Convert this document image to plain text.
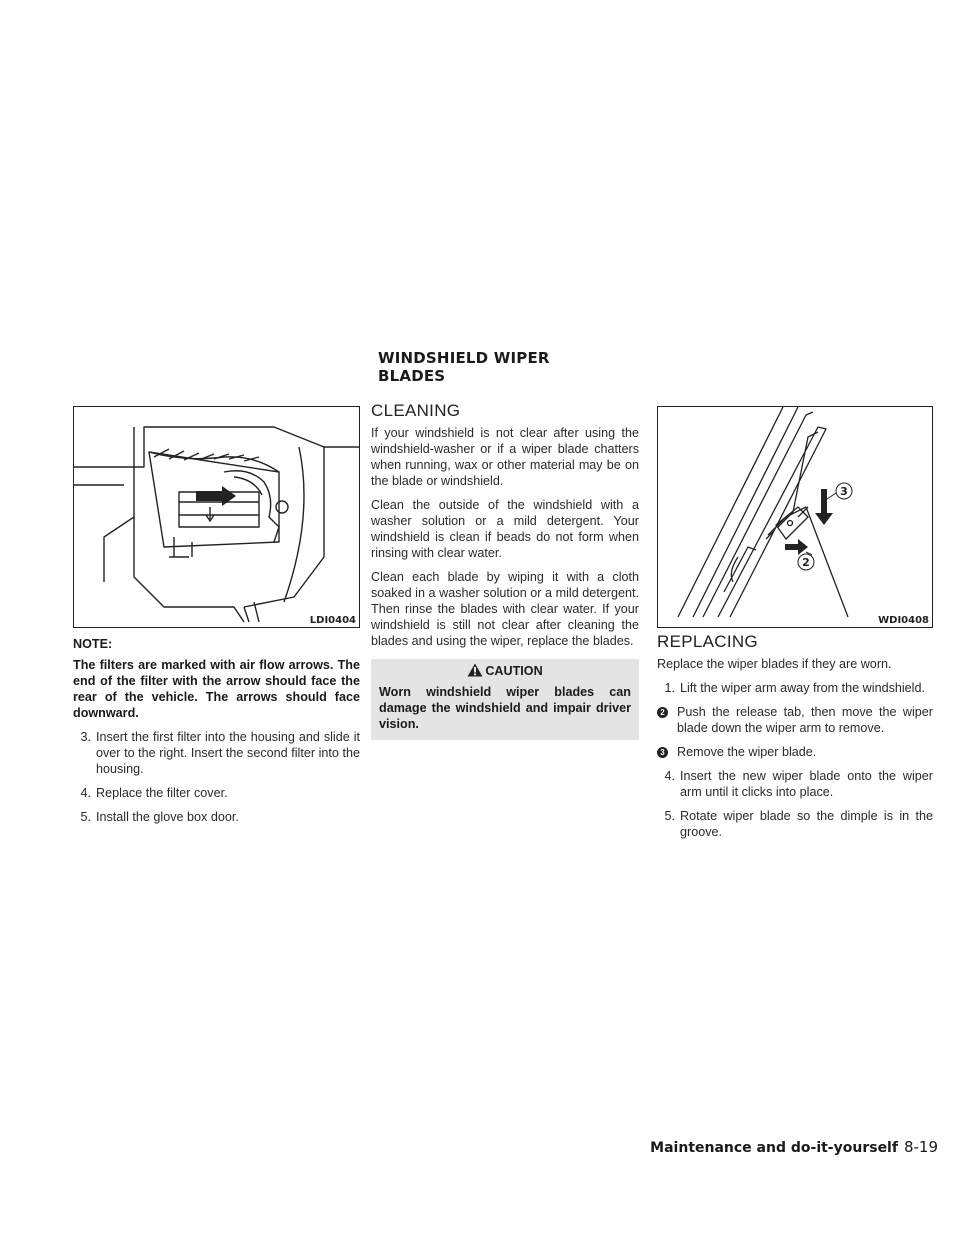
WINDSHIELD WIPER BLADES
LDI0404

NOTE:

The filters are marked with air flow arrows. The end of the filter with the arrow should face the rear of the vehicle. The arrows should face downward.

3. Insert the first filter into the housing and slide it over to the right. Insert the second filter into the housing.
4. Replace the filter cover.
5. Install the glove box door.
CLEANING

If your windshield is not clear after using the windshield-washer or if a wiper blade chatters when running, wax or other material may be on the blade or windshield.

Clean the outside of the windshield with a washer solution or a mild detergent. Your windshield is clean if beads do not form when rinsing with clear water.

Clean each blade by wiping it with a cloth soaked in a washer solution or a mild detergent. Then rinse the blades with clear water. If your windshield is still not clear after cleaning the blades and using the wiper, replace the blades.

CAUTION
Worn windshield wiper blades can damage the windshield and impair driver vision.
3
2
WDI0408
REPLACING

Replace the wiper blades if they are worn.

1. Lift the wiper arm away from the windshield.
2 Push the release tab, then move the wiper blade down the wiper arm to remove.
3 Remove the wiper blade.
4. Insert the new wiper blade onto the wiper arm until it clicks into place.
5. Rotate wiper blade so the dimple is in the groove.
Maintenance and do-it-yourself 8-19
